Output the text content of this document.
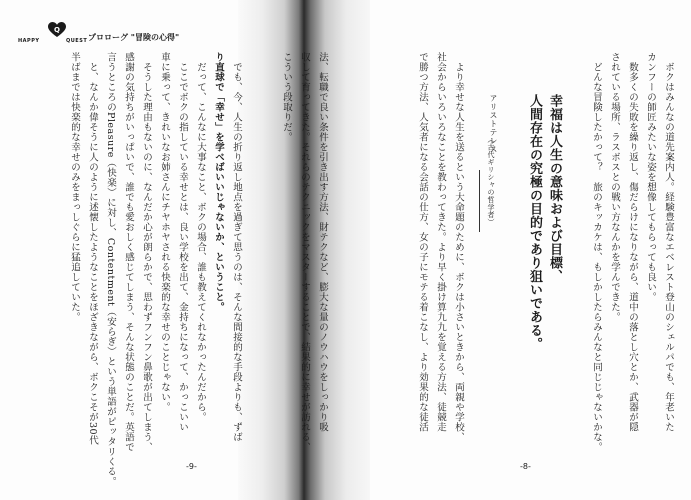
Q
HAPPY	QUEST プロローグ "冒険の心得"
ボクはみんなの道先案内人。経験豊富なエベレスト登山のシェルパでも、年老いた
カンフーの師匠みたいな姿を想像してもらっても良い。
数多くの失敗を繰り返し、傷だらけになりながら、道中の落とし穴とか、武器が隠
されている場所、ラスボスとの戦い方なんかを学んできた。
どんな冒険したかって？　旅のキッカケは、もしかしたらみんなと同じじゃないかな。
幸福は人生の意味および目標、
人間存在の究極の目的であり狙いである。
アリストテレス
（古代ギリシャの哲学者）
より幸せな人生を送るという大命題のために、ボクは小さいときから、両親や学校、
社会からいろいろなことを教わってきた。より早く掛け算九九を覚える方法、徒競走
で勝つ方法、人気者になる会話の仕方、女の子にモテる着こなし、より効果的な徒活
-8-
法、転職で良い条件を引き出す方法、財テクなど、膨大な量のノウハウをしっかり吸
収して育ってきた。それらのテクニックをマスターすることで、結果的に幸せが訪れる、
こういう段取りだ。
でも、今、人生の折り返し地点を過ぎて思うのは、そんな間接的な手段よりも、ずば
り直球で「幸せ」を学べばいいじゃないか、ということ。
だって、こんなに大事なこと、ボクの場合、誰も教えてくれなかったんだから。
ここでボクの指している幸せとは、良い学校を出て、金持ちになって、かっこいい
車に乗って、きれいなお姉さんにチヤホヤされる快楽的な幸せのことじゃない。
そうした理由もないのに、なんだか心が朗らかで、思わずフンフン鼻歌が出てしまう、
感謝の気持ちがいっぱいで、誰でも愛おしく感じてしまう、そんな状態のことだ。英語で
言うところのPleasure（快楽）に対し、Contentment（安らぎ）という単語がピッタリくる。
と、なんか偉そうに人のように述懐したようなことをほざきながら、ボクこそが30代
半ばまでは快楽的な幸せのみをまっしぐらに猛追していた。
-9-
